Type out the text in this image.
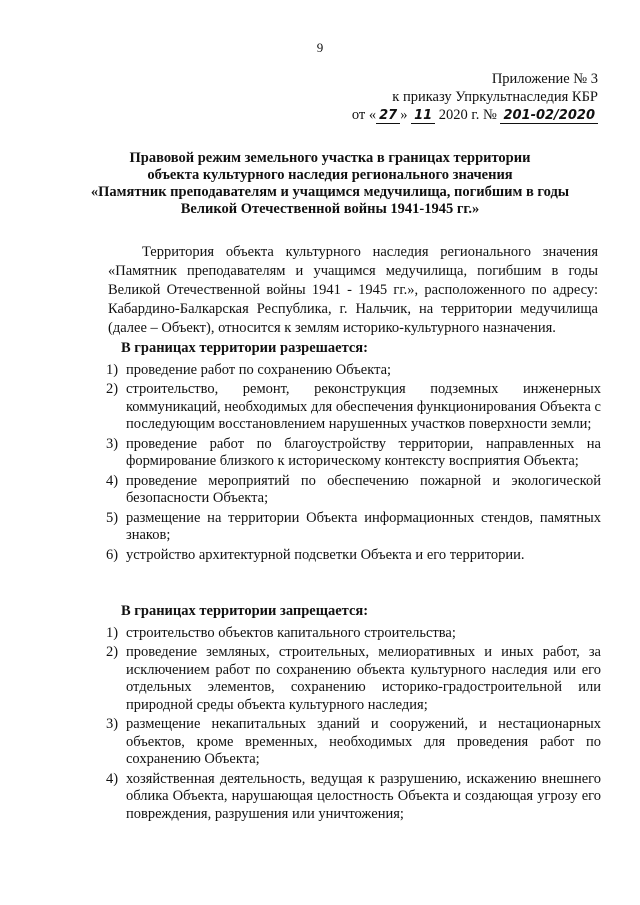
9
Приложение № 3
к приказу Упркультнаследия КБР
от « 27 » 11 2020 г. № 201-02/2020
Правовой режим земельного участка в границах территории
объекта культурного наследия регионального значения
«Памятник преподавателям и учащимся медучилища, погибшим в годы
Великой Отечественной войны 1941-1945 гг.»

Территория объекта культурного наследия регионального значения «Памятник преподавателям и учащимся медучилища, погибшим в годы Великой Отечественной войны 1941 - 1945 гг.», расположенного по адресу: Кабардино-Балкарская Республика, г. Нальчик, на территории медучилища (далее – Объект), относится к землям историко-культурного назначения.

В границах территории разрешается:
1) проведение работ по сохранению Объекта;
2) строительство, ремонт, реконструкция подземных инженерных коммуникаций, необходимых для обеспечения функционирования Объекта с последующим восстановлением нарушенных участков поверхности земли;
3) проведение работ по благоустройству территории, направленных на формирование близкого к историческому контексту восприятия Объекта;
4) проведение мероприятий по обеспечению пожарной и экологической безопасности Объекта;
5) размещение на территории Объекта информационных стендов, памятных знаков;
6) устройство архитектурной подсветки Объекта и его территории.
В границах территории запрещается:
1) строительство объектов капитального строительства;
2) проведение земляных, строительных, мелиоративных и иных работ, за исключением работ по сохранению объекта культурного наследия или его отдельных элементов, сохранению историко-градостроительной или природной среды объекта культурного наследия;
3) размещение некапитальных зданий и сооружений, и нестационарных объектов, кроме временных, необходимых для проведения работ по сохранению Объекта;
4) хозяйственная деятельность, ведущая к разрушению, искажению внешнего облика Объекта, нарушающая целостность Объекта и создающая угрозу его повреждения, разрушения или уничтожения;
